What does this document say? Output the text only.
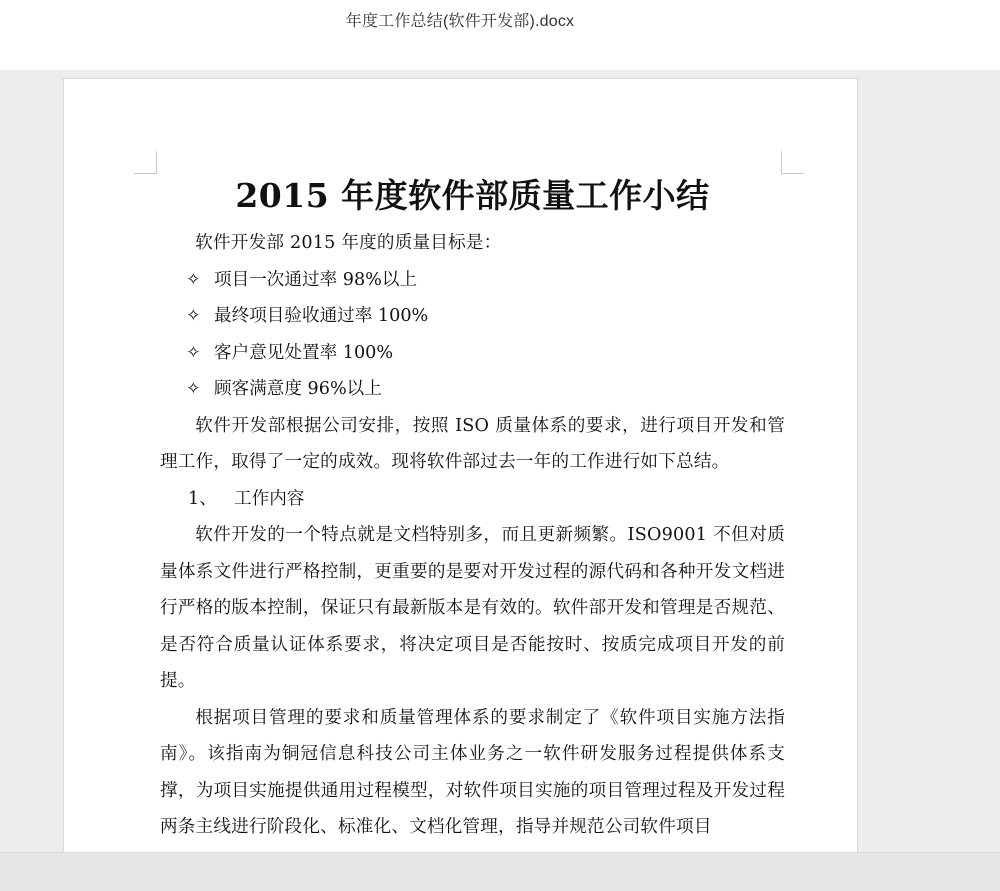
年度工作总结(软件开发部).docx
2015 年度软件部质量工作小结

软件开发部 2015 年度的质量目标是：

✧ 项目一次通过率 98%以上

✧ 最终项目验收通过率 100%

✧ 客户意见处置率 100%

✧ 顾客满意度 96%以上

软件开发部根据公司安排，按照 ISO 质量体系的要求，进行项目开发和管理工作，取得了一定的成效。现将软件部过去一年的工作进行如下总结。

1、 工作内容

软件开发的一个特点就是文档特别多，而且更新频繁。ISO9001 不但对质量体系文件进行严格控制，更重要的是要对开发过程的源代码和各种开发文档进行严格的版本控制，保证只有最新版本是有效的。软件部开发和管理是否规范、是否符合质量认证体系要求，将决定项目是否能按时、按质完成项目开发的前提。

根据项目管理的要求和质量管理体系的要求制定了《软件项目实施方法指南》。该指南为铜冠信息科技公司主体业务之一软件研发服务过程提供体系支撑，为项目实施提供通用过程模型，对软件项目实施的项目管理过程及开发过程两条主线进行阶段化、标准化、文档化管理，指导并规范公司软件项目
